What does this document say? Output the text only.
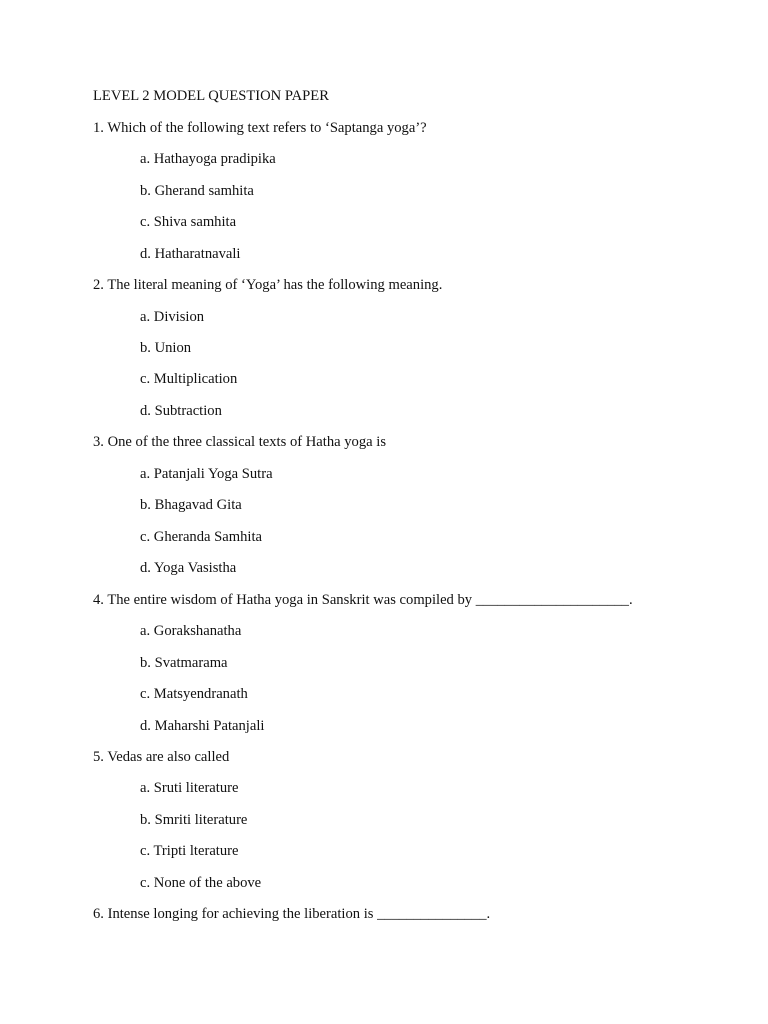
LEVEL 2 MODEL QUESTION PAPER
1. Which of the following text refers to ‘Saptanga yoga’?
a. Hathayoga pradipika
b. Gherand samhita
c. Shiva samhita
d. Hatharatnavali
2. The literal meaning of ‘Yoga’ has the following meaning.
a. Division
b. Union
c. Multiplication
d. Subtraction
3. One of the three classical texts of Hatha yoga is
a. Patanjali Yoga Sutra
b. Bhagavad Gita
c. Gheranda Samhita
d. Yoga Vasistha
4. The entire wisdom of Hatha yoga in Sanskrit was compiled by _____________________.
a. Gorakshanatha
b. Svatmarama
c. Matsyendranath
d. Maharshi Patanjali
5. Vedas are also called
a. Sruti literature
b. Smriti literature
c. Tripti lterature
c. None of the above
6. Intense longing for achieving the liberation is _______________.
